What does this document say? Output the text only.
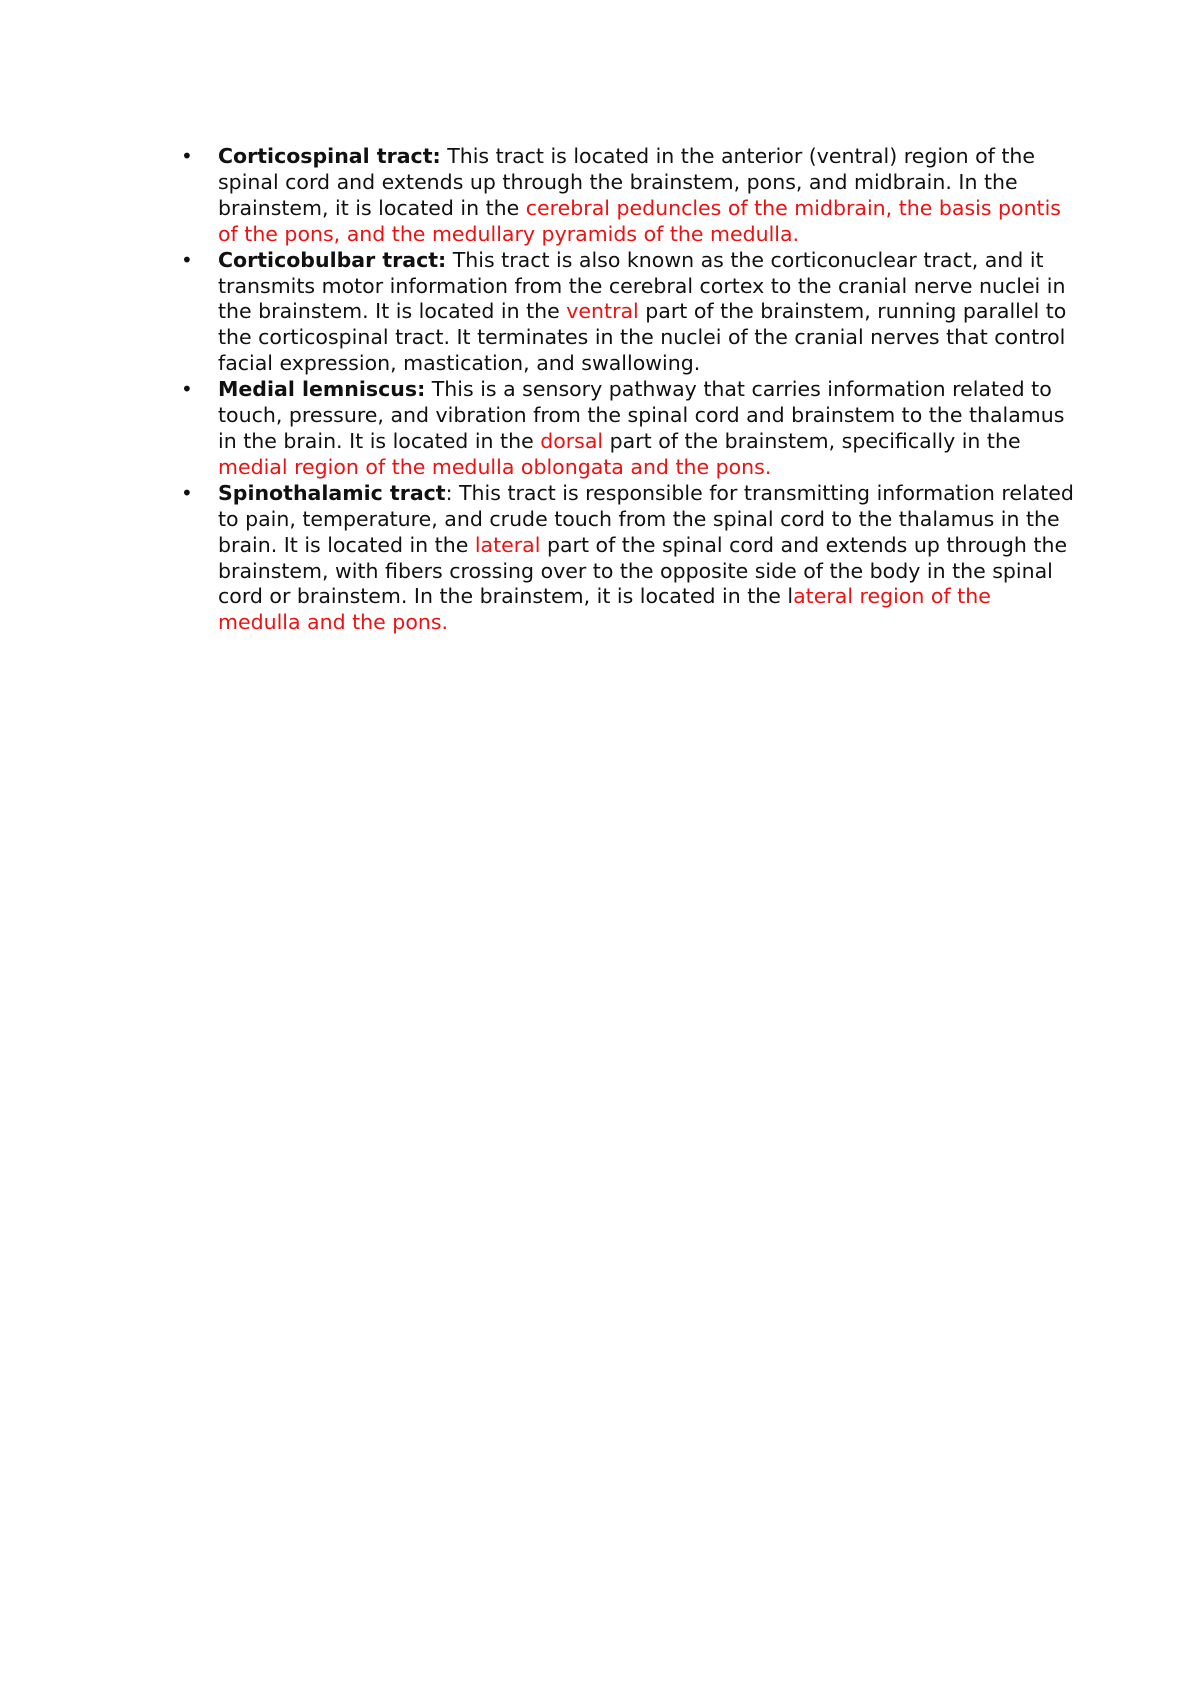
• Corticospinal tract: This tract is located in the anterior (ventral) region of the spinal cord and extends up through the brainstem, pons, and midbrain. In the brainstem, it is located in the cerebral peduncles of the midbrain, the basis pontis of the pons, and the medullary pyramids of the medulla.
• Corticobulbar tract: This tract is also known as the corticonuclear tract, and it transmits motor information from the cerebral cortex to the cranial nerve nuclei in the brainstem. It is located in the ventral part of the brainstem, running parallel to the corticospinal tract. It terminates in the nuclei of the cranial nerves that control facial expression, mastication, and swallowing.
• Medial lemniscus: This is a sensory pathway that carries information related to touch, pressure, and vibration from the spinal cord and brainstem to the thalamus in the brain. It is located in the dorsal part of the brainstem, specifically in the medial region of the medulla oblongata and the pons.
• Spinothalamic tract: This tract is responsible for transmitting information related to pain, temperature, and crude touch from the spinal cord to the thalamus in the brain. It is located in the lateral part of the spinal cord and extends up through the brainstem, with fibers crossing over to the opposite side of the body in the spinal cord or brainstem. In the brainstem, it is located in the lateral region of the medulla and the pons.
